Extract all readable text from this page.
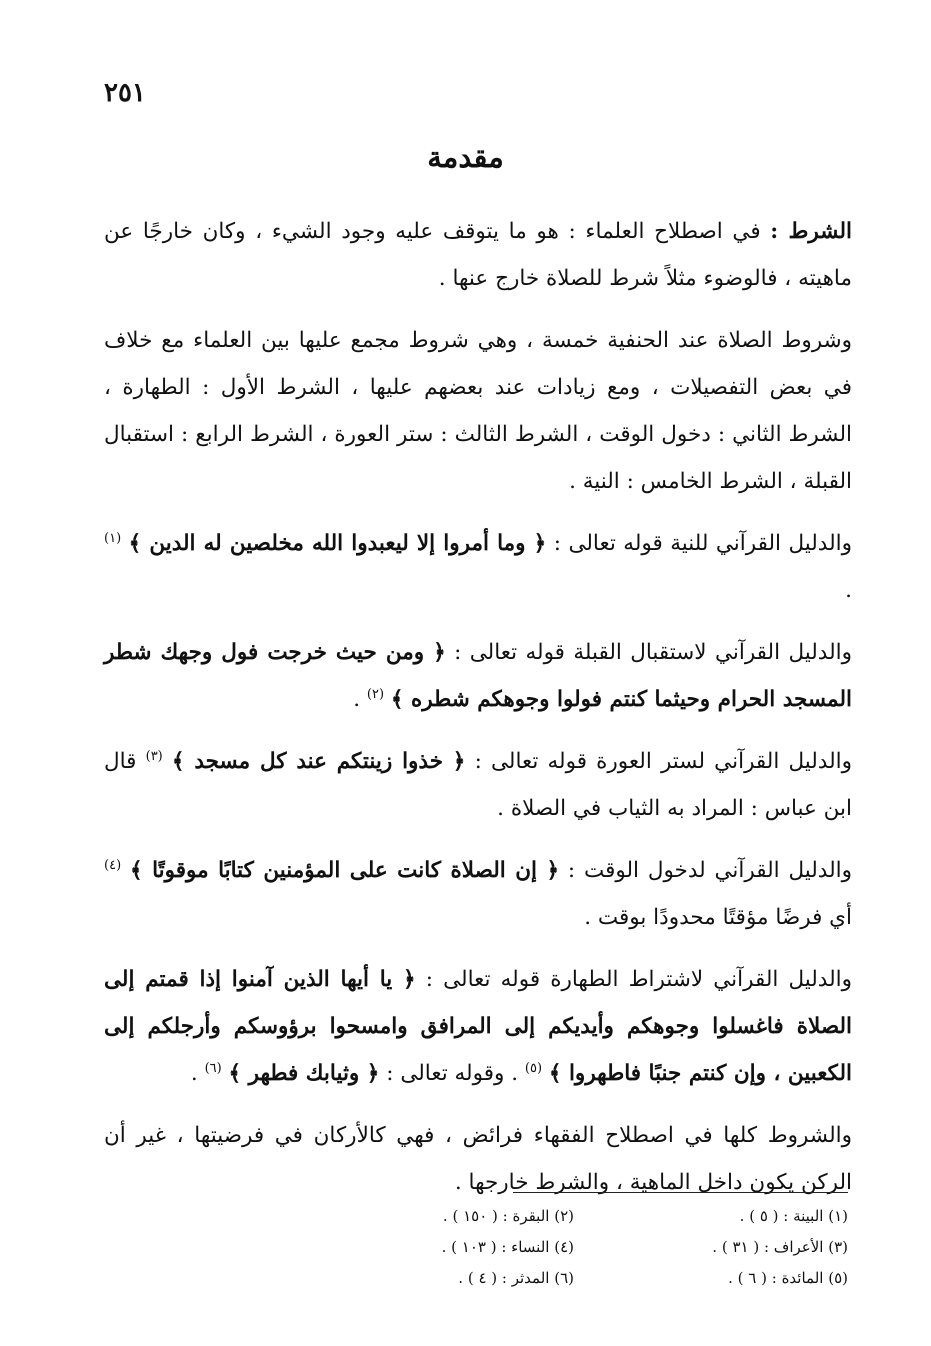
٢٥١
مقدمة

الشرط : في اصطلاح العلماء : هو ما يتوقف عليه وجود الشيء ، وكان خارجًا عن ماهيته ، فالوضوء مثلاً شرط للصلاة خارج عنها .

وشروط الصلاة عند الحنفية خمسة ، وهي شروط مجمع عليها بين العلماء مع خلاف في بعض التفصيلات ، ومع زيادات عند بعضهم عليها ، الشرط الأول : الطهارة ، الشرط الثاني : دخول الوقت ، الشرط الثالث : ستر العورة ، الشرط الرابع : استقبال القبلة ، الشرط الخامس : النية .

والدليل القرآني للنية قوله تعالى : ﴿ وما أمروا إلا ليعبدوا الله مخلصين له الدين ﴾ $^{(١)}$ .

والدليل القرآني لاستقبال القبلة قوله تعالى : ﴿ ومن حيث خرجت فول وجهك شطر المسجد الحرام وحيثما كنتم فولوا وجوهكم شطره ﴾ $^{(٢)}$ .

والدليل القرآني لستر العورة قوله تعالى : ﴿ خذوا زينتكم عند كل مسجد ﴾ $^{(٣)}$ قال ابن عباس : المراد به الثياب في الصلاة .

والدليل القرآني لدخول الوقت : ﴿ إن الصلاة كانت على المؤمنين كتابًا موقوتًا ﴾ $^{(٤)}$ أي فرضًا مؤقتًا محدودًا بوقت .

والدليل القرآني لاشتراط الطهارة قوله تعالى : ﴿ يا أيها الذين آمنوا إذا قمتم إلى الصلاة فاغسلوا وجوهكم وأيديكم إلى المرافق وامسحوا برؤوسكم وأرجلكم إلى الكعبين ، وإن كنتم جنبًا فاطهروا ﴾ $^{(٥)}$ . وقوله تعالى : ﴿ وثيابك فطهر ﴾ $^{(٦)}$ .

والشروط كلها في اصطلاح الفقهاء فرائض ، فهي كالأركان في فرضيتها ، غير أن الركن يكون داخل الماهية ، والشرط خارجها .

(١) البينة : ( ٥ ) .
(٢) البقرة : ( ١٥٠ ) .
(٣) الأعراف : ( ٣١ ) .
(٤) النساء : ( ١٠٣ ) .
(٥) المائدة : ( ٦ ) .
(٦) المدثر : ( ٤ ) .
